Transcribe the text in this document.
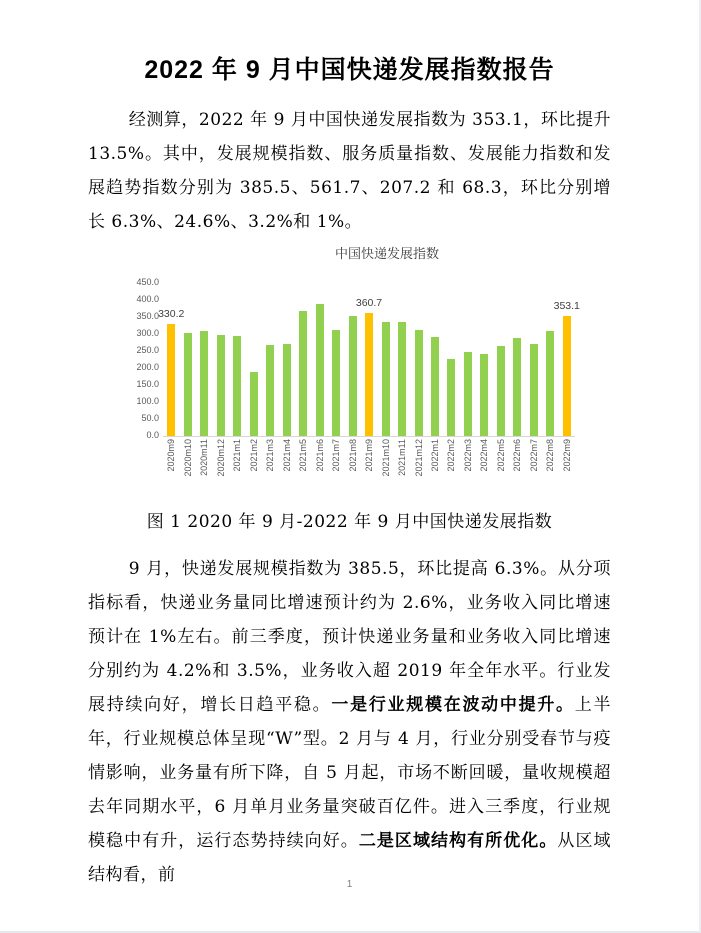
2022 年 9 月中国快递发展指数报告

经测算，2022 年 9 月中国快递发展指数为 353.1，环比提升 13.5%。其中，发展规模指数、服务质量指数、发展能力指数和发展趋势指数分别为 385.5、561.7、207.2 和 68.3，环比分别增长 6.3%、24.6%、3.2%和 1%。

中国快递发展指数
0.0
50.0
100.0
150.0
200.0
250.0
300.0
350.0
400.0
450.0
330.2
360.7	353.1
2020m9 2020m10 2020m11 2020m12 2021m1 2021m2 2021m3 2021m4 2021m5 2021m6 2021m7 2021m8 2021m9 2021m10 2021m11 2021m12 2022m1 2022m2 2022m3 2022m4 2022m5 2022m6 2022m7 2022m8 2022m9

图 1 2020 年 9 月-2022 年 9 月中国快递发展指数

9 月，快递发展规模指数为 385.5，环比提高 6.3%。从分项指标看，快递业务量同比增速预计约为 2.6%，业务收入同比增速预计在 1%左右。前三季度，预计快递业务量和业务收入同比增速分别约为 4.2%和 3.5%，业务收入超 2019 年全年水平。行业发展持续向好，增长日趋平稳。一是行业规模在波动中提升。上半年，行业规模总体呈现“W”型。2 月与 4 月，行业分别受春节与疫情影响，业务量有所下降，自 5 月起，市场不断回暖，量收规模超去年同期水平，6 月单月业务量突破百亿件。进入三季度，行业规模稳中有升，运行态势持续向好。二是区域结构有所优化。从区域结构看，前	1
